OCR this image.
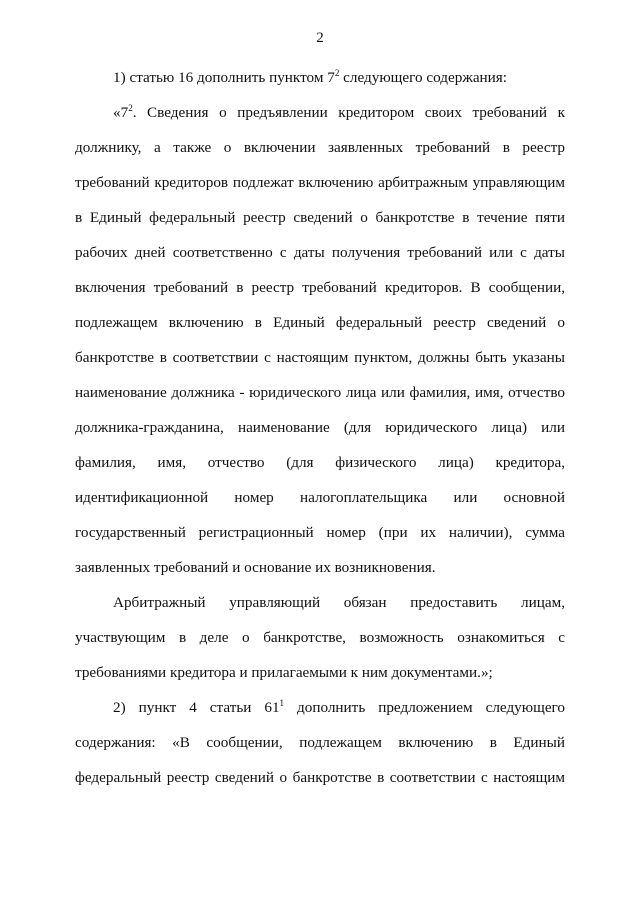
2

1) статью 16 дополнить пунктом $7^2$ следующего содержания:

«$7^2$. Сведения о предъявлении кредитором своих требований к должнику, а также о включении заявленных требований в реестр требований кредиторов подлежат включению арбитражным управляющим в Единый федеральный реестр сведений о банкротстве в течение пяти рабочих дней соответственно с даты получения требований или с даты включения требований в реестр требований кредиторов. В сообщении, подлежащем включению в Единый федеральный реестр сведений о банкротстве в соответствии с настоящим пунктом, должны быть указаны наименование должника - юридического лица или фамилия, имя, отчество должника-гражданина, наименование (для юридического лица) или фамилия, имя, отчество (для физического лица) кредитора, идентификационной номер налогоплательщика или основной государственный регистрационный номер (при их наличии), сумма заявленных требований и основание их возникновения.

Арбитражный управляющий обязан предоставить лицам, участвующим в деле о банкротстве, возможность ознакомиться с требованиями кредитора и прилагаемыми к ним документами.»;

2) пункт 4 статьи $61^1$ дополнить предложением следующего содержания: «В сообщении, подлежащем включению в Единый федеральный реестр сведений о банкротстве в соответствии с настоящим
